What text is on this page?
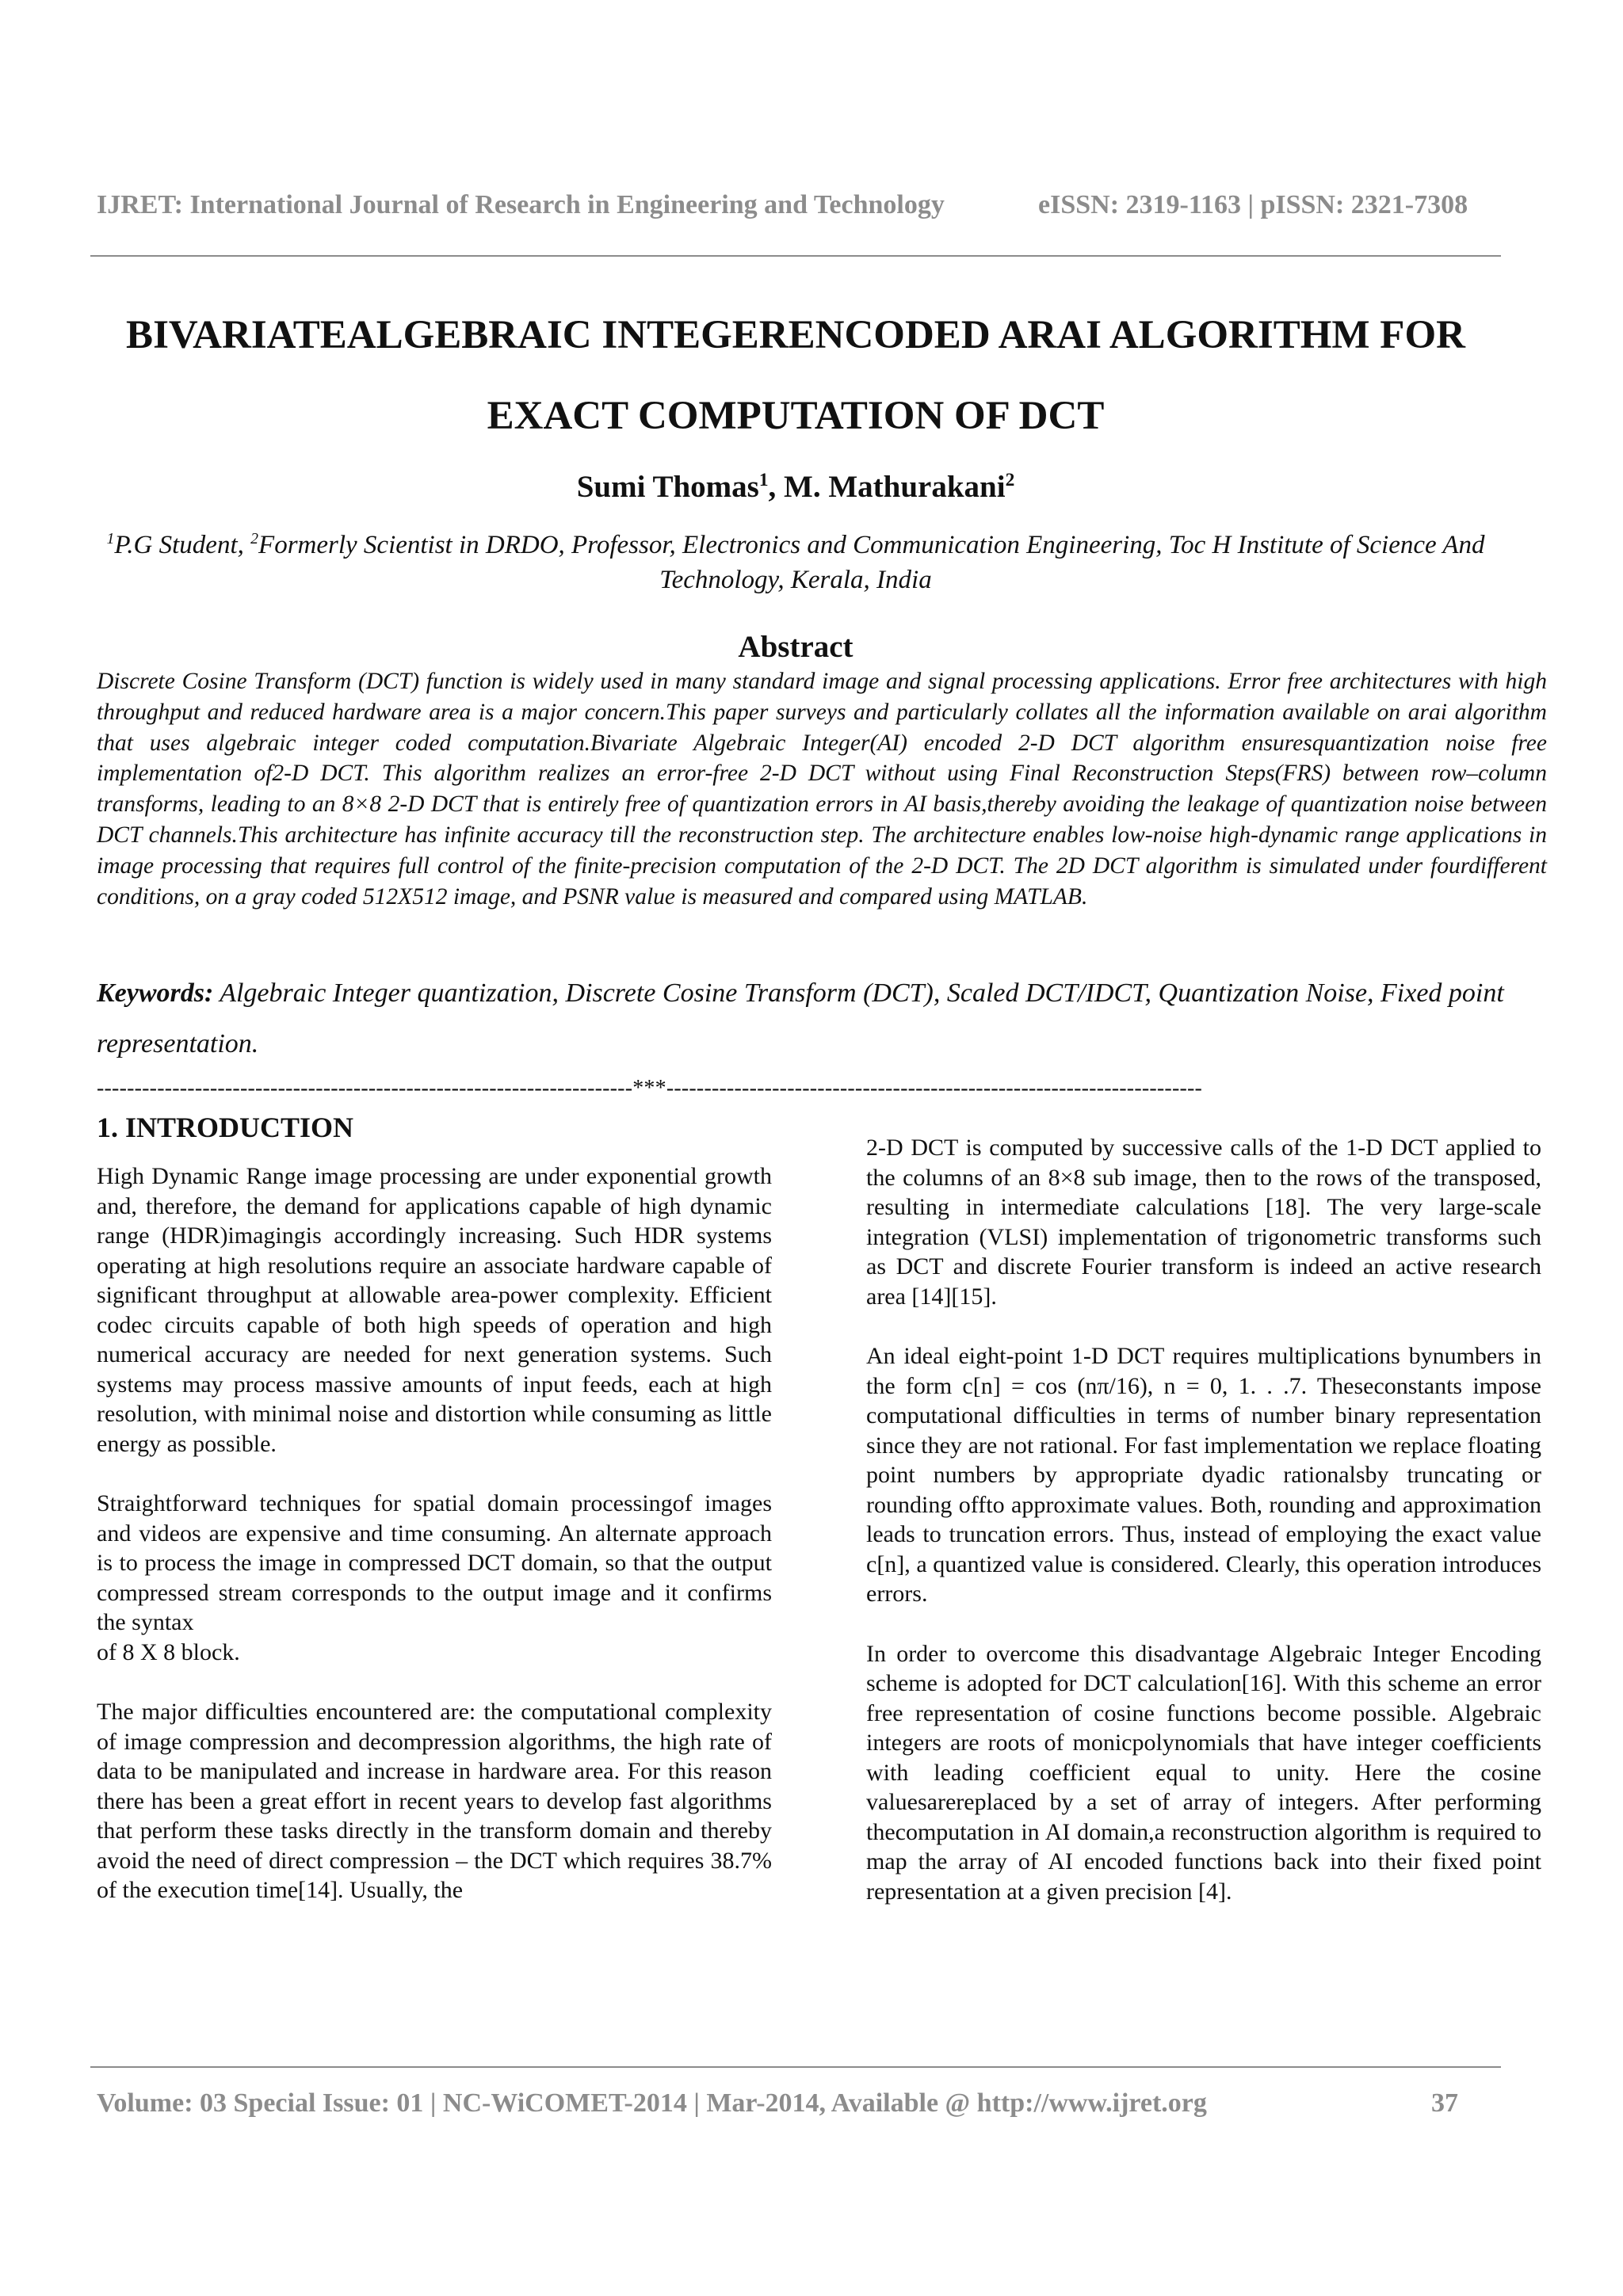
IJRET: International Journal of Research in Engineering and Technology	eISSN: 2319-1163 | pISSN: 2321-7308
BIVARIATEALGEBRAIC INTEGERENCODED ARAI ALGORITHM FOR
EXACT COMPUTATION OF DCT
Sumi Thomas$^1$, M. Mathurakani$^2$
$^1$P.G Student, $^2$Formerly Scientist in DRDO, Professor, Electronics and Communication Engineering, Toc H Institute of Science And Technology, Kerala, India
Abstract
Discrete Cosine Transform (DCT) function is widely used in many standard image and signal processing applications. Error free architectures with high throughput and reduced hardware area is a major concern.This paper surveys and particularly collates all the information available on arai algorithm that uses algebraic integer coded computation.Bivariate Algebraic Integer(AI) encoded 2-D DCT algorithm ensuresquantization noise free implementation of2-D DCT. This algorithm realizes an error-free 2-D DCT without using Final Reconstruction Steps(FRS) between row–column transforms, leading to an 8×8 2-D DCT that is entirely free of quantization errors in AI basis,thereby avoiding the leakage of quantization noise between DCT channels.This architecture has infinite accuracy till the reconstruction step. The architecture enables low-noise high-dynamic range applications in image processing that requires full control of the finite-precision computation of the 2-D DCT. The 2D DCT algorithm is simulated under fourdifferent conditions, on a gray coded 512X512 image, and PSNR value is measured and compared using MATLAB.
Keywords: Algebraic Integer quantization, Discrete Cosine Transform (DCT), Scaled DCT/IDCT, Quantization Noise, Fixed point representation.
-----------------------------------------------------------------------***-----------------------------------------------------------------------
1. INTRODUCTION

High Dynamic Range image processing are under exponential growth and, therefore, the demand for applications capable of high dynamic range (HDR)imagingis accordingly increasing. Such HDR systems operating at high resolutions require an associate hardware capable of significant throughput at allowable area-power complexity. Efficient codec circuits capable of both high speeds of operation and high numerical accuracy are needed for next generation systems. Such systems may process massive amounts of input feeds, each at high resolution, with minimal noise and distortion while consuming as little energy as possible.

Straightforward techniques for spatial domain processingof images and videos are expensive and time consuming. An alternate approach is to process the image in compressed DCT domain, so that the output compressed stream corresponds to the output image and it confirms the syntax

of 8 X 8 block.

The major difficulties encountered are: the computational complexity of image compression and decompression algorithms, the high rate of data to be manipulated and increase in hardware area. For this reason there has been a great effort in recent years to develop fast algorithms that perform these tasks directly in the transform domain and thereby avoid the need of direct compression – the DCT which requires 38.7% of the execution time[14]. Usually, the

2-D DCT is computed by successive calls of the 1-D DCT applied to the columns of an 8×8 sub image, then to the rows of the transposed, resulting in intermediate calculations [18]. The very large-scale integration (VLSI) implementation of trigonometric transforms such as DCT and discrete Fourier transform is indeed an active research area [14][15].

An ideal eight-point 1-D DCT requires multiplications bynumbers in the form c[n] = cos (nπ/16), n = 0, 1. . .7. Theseconstants impose computational difficulties in terms of number binary representation since they are not rational. For fast implementation we replace floating point numbers by appropriate dyadic rationalsby truncating or rounding offto approximate values. Both, rounding and approximation leads to truncation errors. Thus, instead of employing the exact value c[n], a quantized value is considered. Clearly, this operation introduces errors.

In order to overcome this disadvantage Algebraic Integer Encoding scheme is adopted for DCT calculation[16]. With this scheme an error free representation of cosine functions become possible. Algebraic integers are roots of monicpolynomials that have integer coefficients with leading coefficient equal to unity. Here the cosine valuesarereplaced by a set of array of integers. After performing thecomputation in AI domain,a reconstruction algorithm is required to map the array of AI encoded functions back into their fixed point representation at a given precision [4].

Volume: 03 Special Issue: 01 | NC-WiCOMET-2014 | Mar-2014, Available @ http://www.ijret.org	37
